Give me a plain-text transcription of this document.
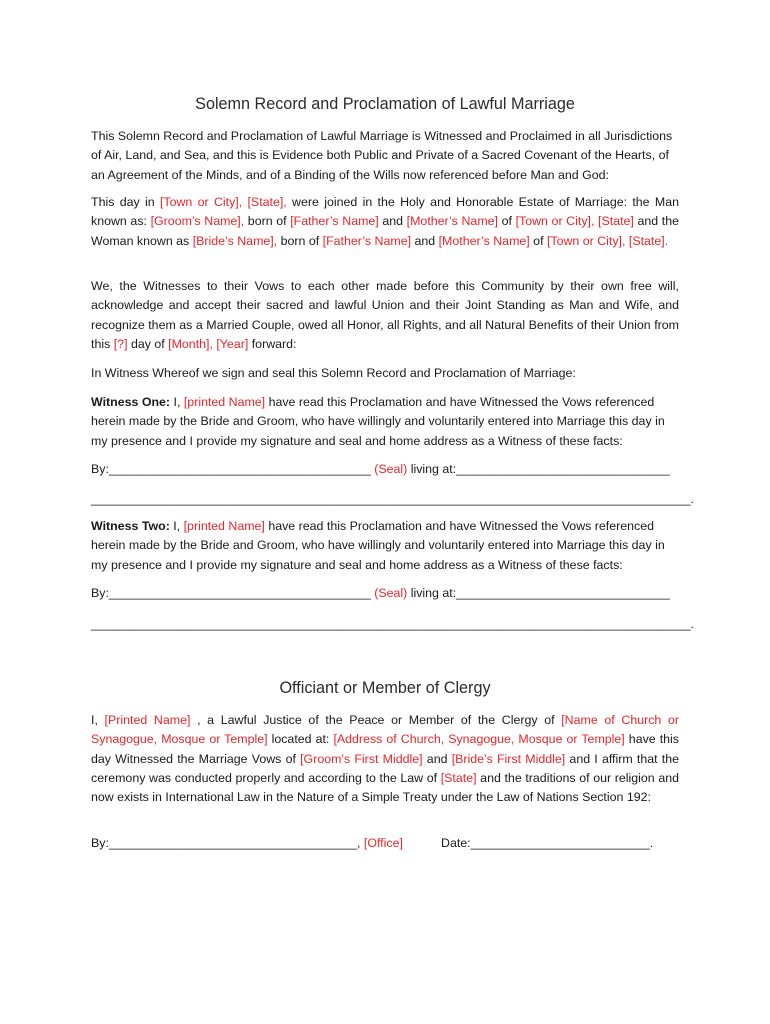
Solemn Record and Proclamation of Lawful Marriage
This Solemn Record and Proclamation of Lawful Marriage is Witnessed and Proclaimed in all Jurisdictions of Air, Land, and Sea, and this is Evidence both Public and Private of a Sacred Covenant of the Hearts, of an Agreement of the Minds, and of a Binding of the Wills now referenced before Man and God:
This day in [Town or City], [State], were joined in the Holy and Honorable Estate of Marriage: the Man known as: [Groom’s Name], born of [Father’s Name] and [Mother’s Name] of [Town or City], [State] and the Woman known as [Bride’s Name], born of [Father’s Name] and [Mother’s Name] of [Town or City], [State].
We, the Witnesses to their Vows to each other made before this Community by their own free will, acknowledge and accept their sacred and lawful Union and their Joint Standing as Man and Wife, and recognize them as a Married Couple, owed all Honor, all Rights, and all Natural Benefits of their Union from this [?] day of [Month], [Year] forward:
In Witness Whereof we sign and seal this Solemn Record and Proclamation of Marriage:
Witness One: I, [printed Name] have read this Proclamation and have Witnessed the Vows referenced herein made by the Bride and Groom, who have willingly and voluntarily entered into Marriage this day in my presence and I provide my signature and seal and home address as a Witness of these facts:
By:______________________________________ (Seal) living at:_______________________________
_______________________________________________________________________________________.
Witness Two: I, [printed Name] have read this Proclamation and have Witnessed the Vows referenced herein made by the Bride and Groom, who have willingly and voluntarily entered into Marriage this day in my presence and I provide my signature and seal and home address as a Witness of these facts:
By:______________________________________ (Seal) living at:_______________________________
_______________________________________________________________________________________.
Officiant or Member of Clergy
I, [Printed Name] , a Lawful Justice of the Peace or Member of the Clergy of [Name of Church or Synagogue, Mosque or Temple] located at: [Address of Church, Synagogue, Mosque or Temple] have this day Witnessed the Marriage Vows of [Groom’s First Middle] and [Bride’s First Middle] and I affirm that the ceremony was conducted properly and according to the Law of [State] and the traditions of our religion and now exists in International Law in the Nature of a Simple Treaty under the Law of Nations Section 192:
By:____________________________________, [Office]	Date:__________________________.
